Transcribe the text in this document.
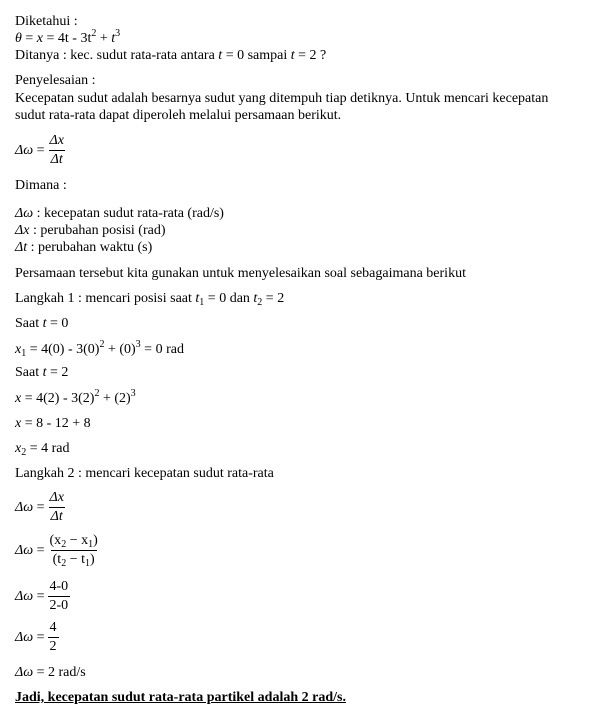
Diketahui :
$\theta = x = 4t - 3t^2 + t^3$
Ditanya : kec. sudut rata-rata antara t = 0 sampai t = 2 ?
Penyelesaian :
Kecepatan sudut adalah besarnya sudut yang ditempuh tiap detiknya. Untuk mencari kecepatan sudut rata-rata dapat diperoleh melalui persamaan berikut.
$\Delta\omega = \frac{\Delta x}{\Delta t}$
Dimana :
Δω : kecepatan sudut rata-rata (rad/s)
Δx : perubahan posisi (rad)
Δt : perubahan waktu (s)
Persamaan tersebut kita gunakan untuk menyelesaikan soal sebagaimana berikut
Langkah 1 : mencari posisi saat $t_1 = 0$ dan $t_2 = 2$
Saat t = 0
$x_1 = 4(0) - 3(0)^2 + (0)^3 = 0$ rad
Saat t = 2
$x = 4(2) - 3(2)^2 + (2)^3$
x = 8 - 12 + 8
$x_2 = 4$ rad
Langkah 2 : mencari kecepatan sudut rata-rata
$\Delta\omega = \frac{\Delta x}{\Delta t}$
$\Delta\omega = \frac{(x_2 - x_1)}{(t_2 - t_1)}$
$\Delta\omega = \frac{4-0}{2-0}$
$\Delta\omega = \frac{4}{2}$
Δω = 2 rad/s
Jadi, kecepatan sudut rata-rata partikel adalah 2 rad/s.
